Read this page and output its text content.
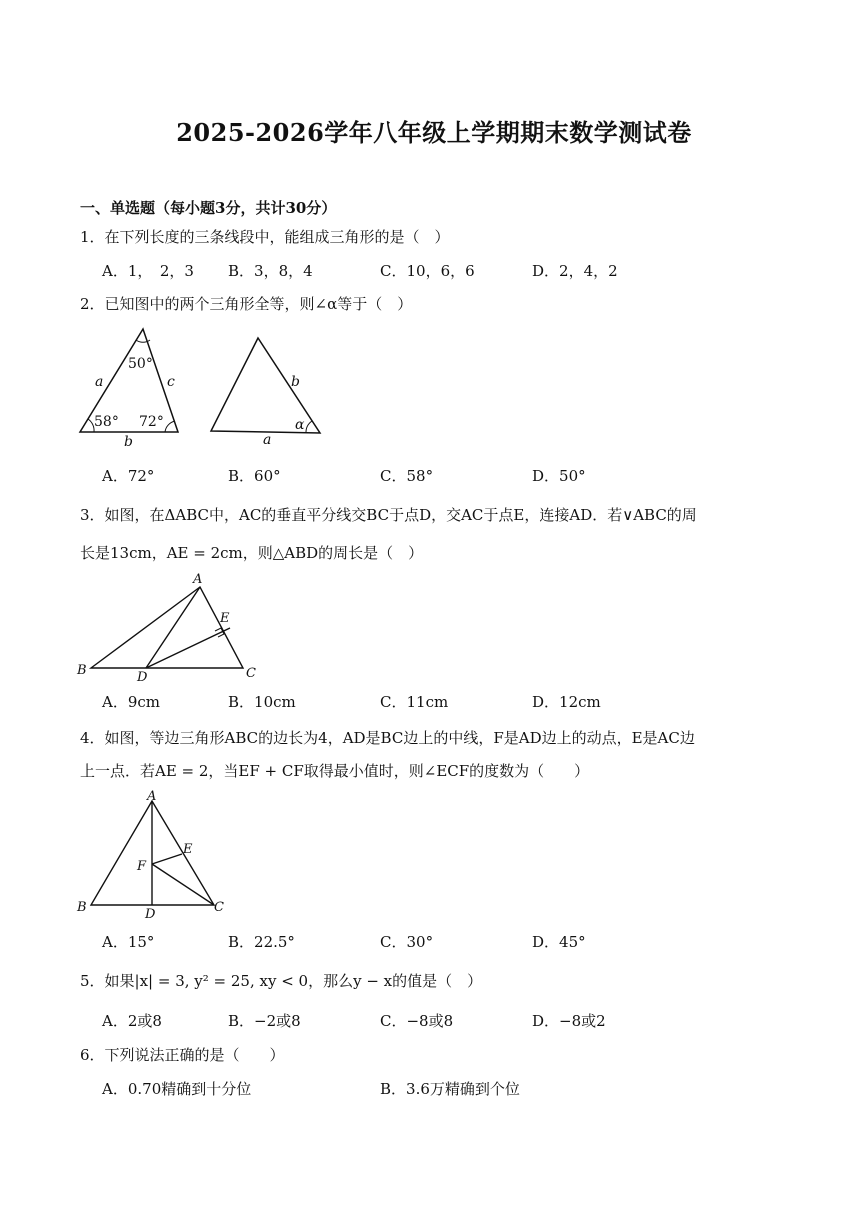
2025-2026学年八年级上学期期末数学测试卷
一、单选题（每小题3分，共计30分）
1．在下列长度的三条线段中，能组成三角形的是（　）
A．1，　2，3 B．3，8，4	C．10，6，6	D．2，4，2
2．已知图中的两个三角形全等，则∠α等于（　）
50°
a	c
58° 72°
b
b
α
a
A．72°	B．60°	C．58°	D．50°
3．如图，在ΔABC中，AC的垂直平分线交BC于点D，交AC于点E，连接AD．若∨ABC的周
长是13cm，AE = 2cm，则△ABD的周长是（　）
A
E
B	D	C
A．9cm	B．10cm	C．11cm	D．12cm
4．如图，等边三角形ABC的边长为4，AD是BC边上的中线，F是AD边上的动点，E是AC边
上一点．若AE = 2，当EF + CF取得最小值时，则∠ECF的度数为（　　）
A
E
F
B	D	C
A．15°	B．22.5°	C．30°	D．45°
5．如果|x| = 3, y² = 25, xy < 0，那么y − x的值是（　）
A．2或8	B．−2或8	C．−8或8	D．−8或2
6．下列说法正确的是（　　）
A．0.70精确到十分位	B．3.6万精确到个位
